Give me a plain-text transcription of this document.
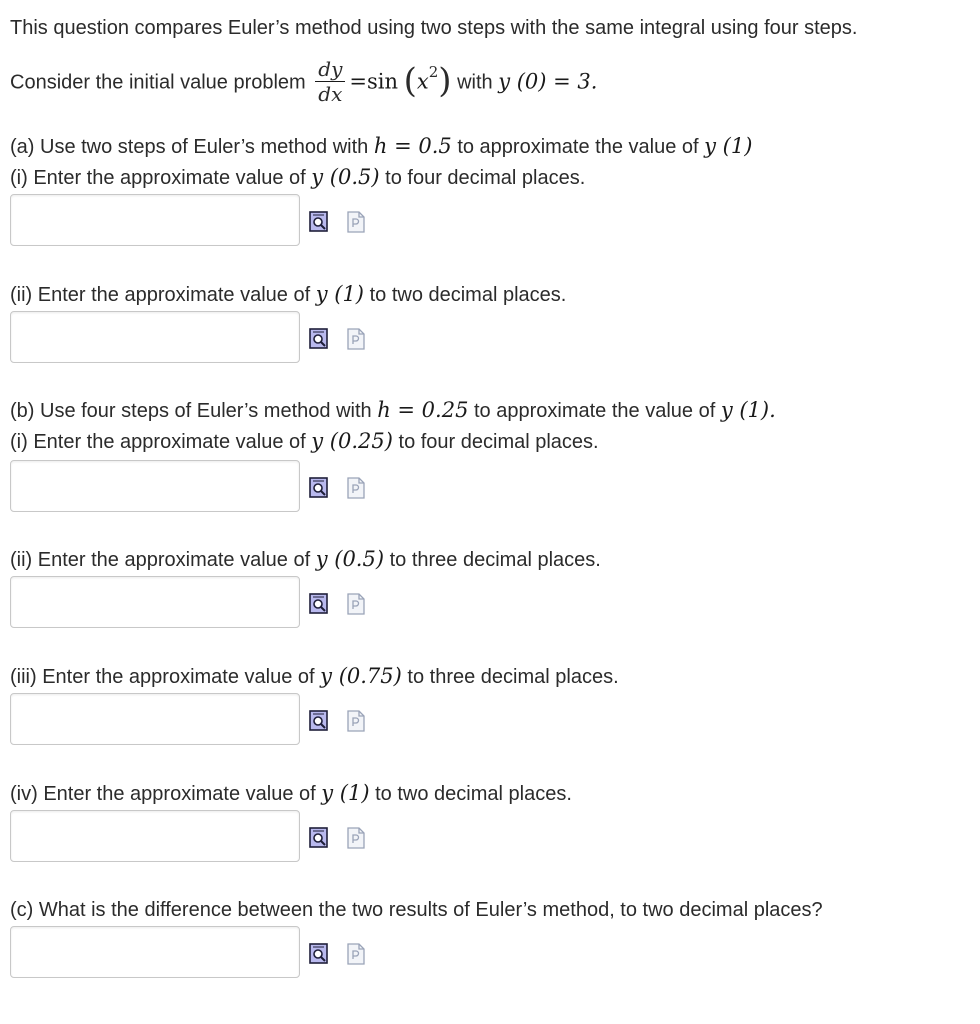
This question compares Euler’s method using two steps with the same integral using four steps.
Consider the initial value problem $\frac{dy}{dx} =\sin$ $(x^2)$ with y (0) = 3.
(a) Use two steps of Euler’s method with h = 0.5 to approximate the value of y (1)
(i) Enter the approximate value of y (0.5) to four decimal places.
(ii) Enter the approximate value of y (1) to two decimal places.
(b) Use four steps of Euler’s method with h = 0.25 to approximate the value of y (1).
(i) Enter the approximate value of y (0.25) to four decimal places.
(ii) Enter the approximate value of y (0.5) to three decimal places.
(iii) Enter the approximate value of y (0.75) to three decimal places.
(iv) Enter the approximate value of y (1) to two decimal places.
(c) What is the difference between the two results of Euler’s method, to two decimal places?
